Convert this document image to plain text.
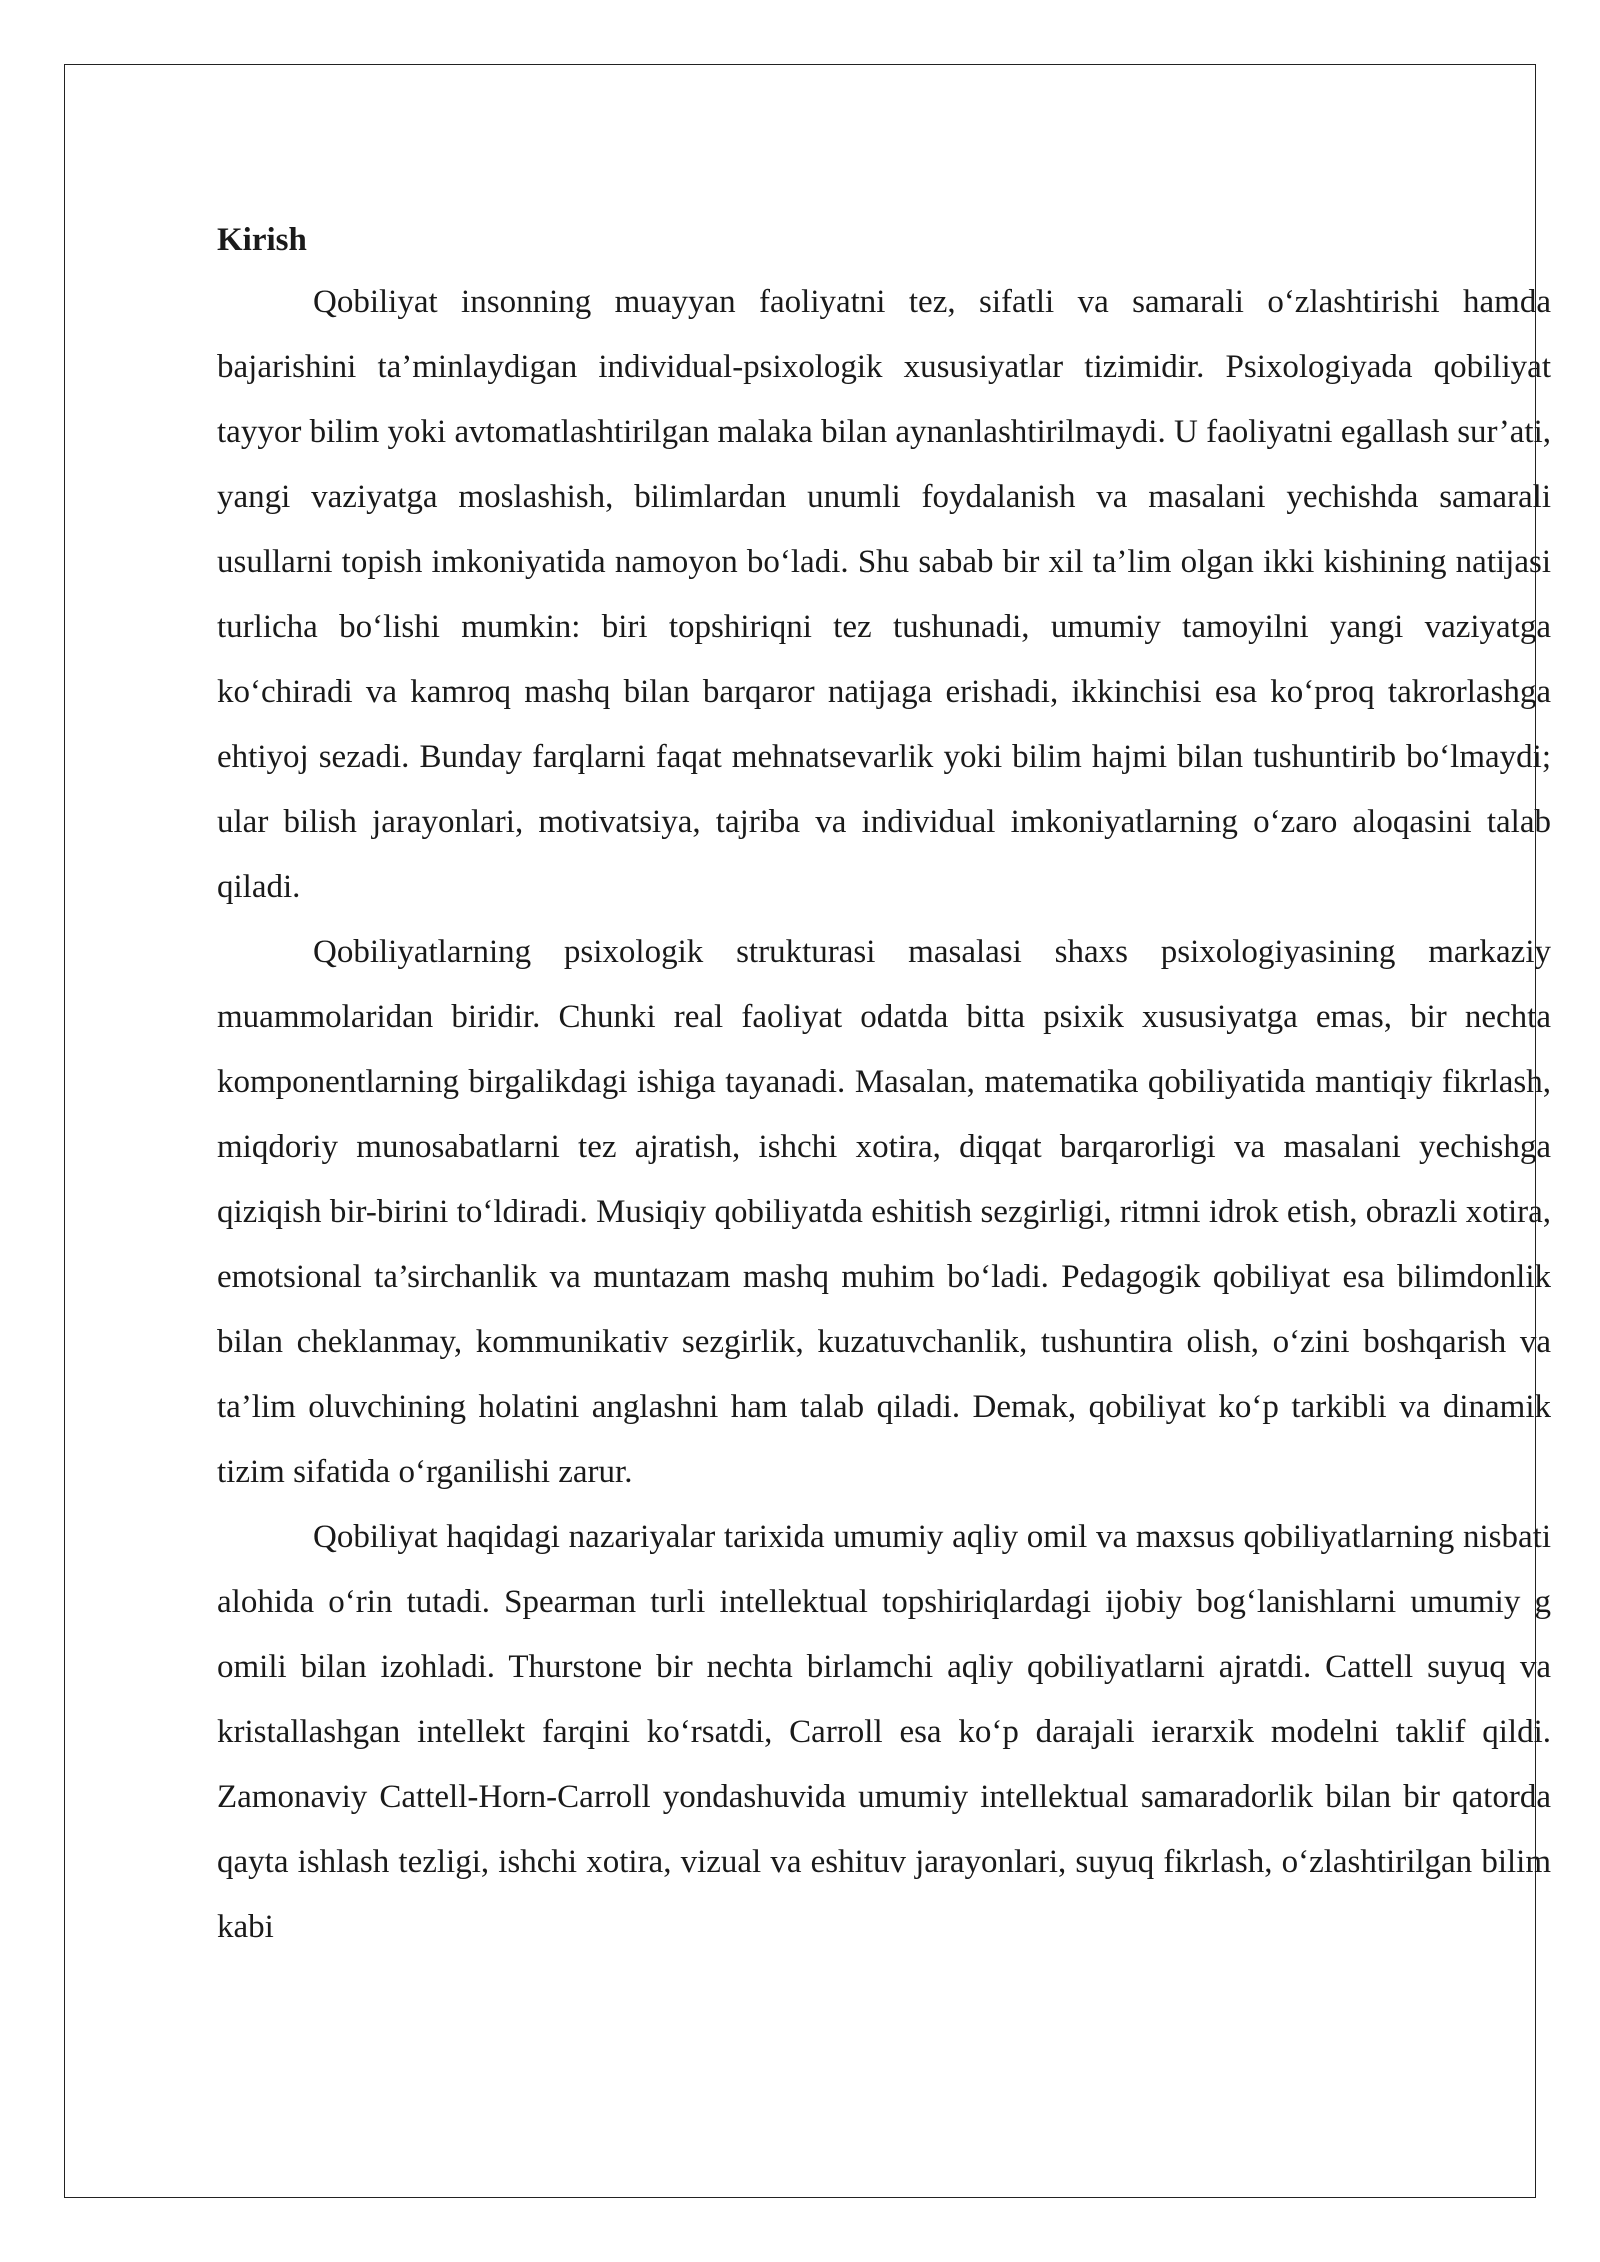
Kirish

Qobiliyat insonning muayyan faoliyatni tez, sifatli va samarali o‘zlashtirishi hamda bajarishini ta’minlaydigan individual-psixologik xususiyatlar tizimidir. Psixologiyada qobiliyat tayyor bilim yoki avtomatlashtirilgan malaka bilan aynanlashtirilmaydi. U faoliyatni egallash sur’ati, yangi vaziyatga moslashish, bilimlardan unumli foydalanish va masalani yechishda samarali usullarni topish imkoniyatida namoyon bo‘ladi. Shu sabab bir xil ta’lim olgan ikki kishining natijasi turlicha bo‘lishi mumkin: biri topshiriqni tez tushunadi, umumiy tamoyilni yangi vaziyatga ko‘chiradi va kamroq mashq bilan barqaror natijaga erishadi, ikkinchisi esa ko‘proq takrorlashga ehtiyoj sezadi. Bunday farqlarni faqat mehnatsevarlik yoki bilim hajmi bilan tushuntirib bo‘lmaydi; ular bilish jarayonlari, motivatsiya, tajriba va individual imkoniyatlarning o‘zaro aloqasini talab qiladi.

Qobiliyatlarning psixologik strukturasi masalasi shaxs psixologiyasining markaziy muammolaridan biridir. Chunki real faoliyat odatda bitta psixik xususiyatga emas, bir nechta komponentlarning birgalikdagi ishiga tayanadi. Masalan, matematika qobiliyatida mantiqiy fikrlash, miqdoriy munosabatlarni tez ajratish, ishchi xotira, diqqat barqarorligi va masalani yechishga qiziqish bir-birini to‘ldiradi. Musiqiy qobiliyatda eshitish sezgirligi, ritmni idrok etish, obrazli xotira, emotsional ta’sirchanlik va muntazam mashq muhim bo‘ladi. Pedagogik qobiliyat esa bilimdonlik bilan cheklanmay, kommunikativ sezgirlik, kuzatuvchanlik, tushuntira olish, o‘zini boshqarish va ta’lim oluvchining holatini anglashni ham talab qiladi. Demak, qobiliyat ko‘p tarkibli va dinamik tizim sifatida o‘rganilishi zarur.

Qobiliyat haqidagi nazariyalar tarixida umumiy aqliy omil va maxsus qobiliyatlarning nisbati alohida o‘rin tutadi. Spearman turli intellektual topshiriqlardagi ijobiy bog‘lanishlarni umumiy g omili bilan izohladi. Thurstone bir nechta birlamchi aqliy qobiliyatlarni ajratdi. Cattell suyuq va kristallashgan intellekt farqini ko‘rsatdi, Carroll esa ko‘p darajali ierarxik modelni taklif qildi. Zamonaviy Cattell-Horn-Carroll yondashuvida umumiy intellektual samaradorlik bilan bir qatorda qayta ishlash tezligi, ishchi xotira, vizual va eshituv jarayonlari, suyuq fikrlash, o‘zlashtirilgan bilim kabi
